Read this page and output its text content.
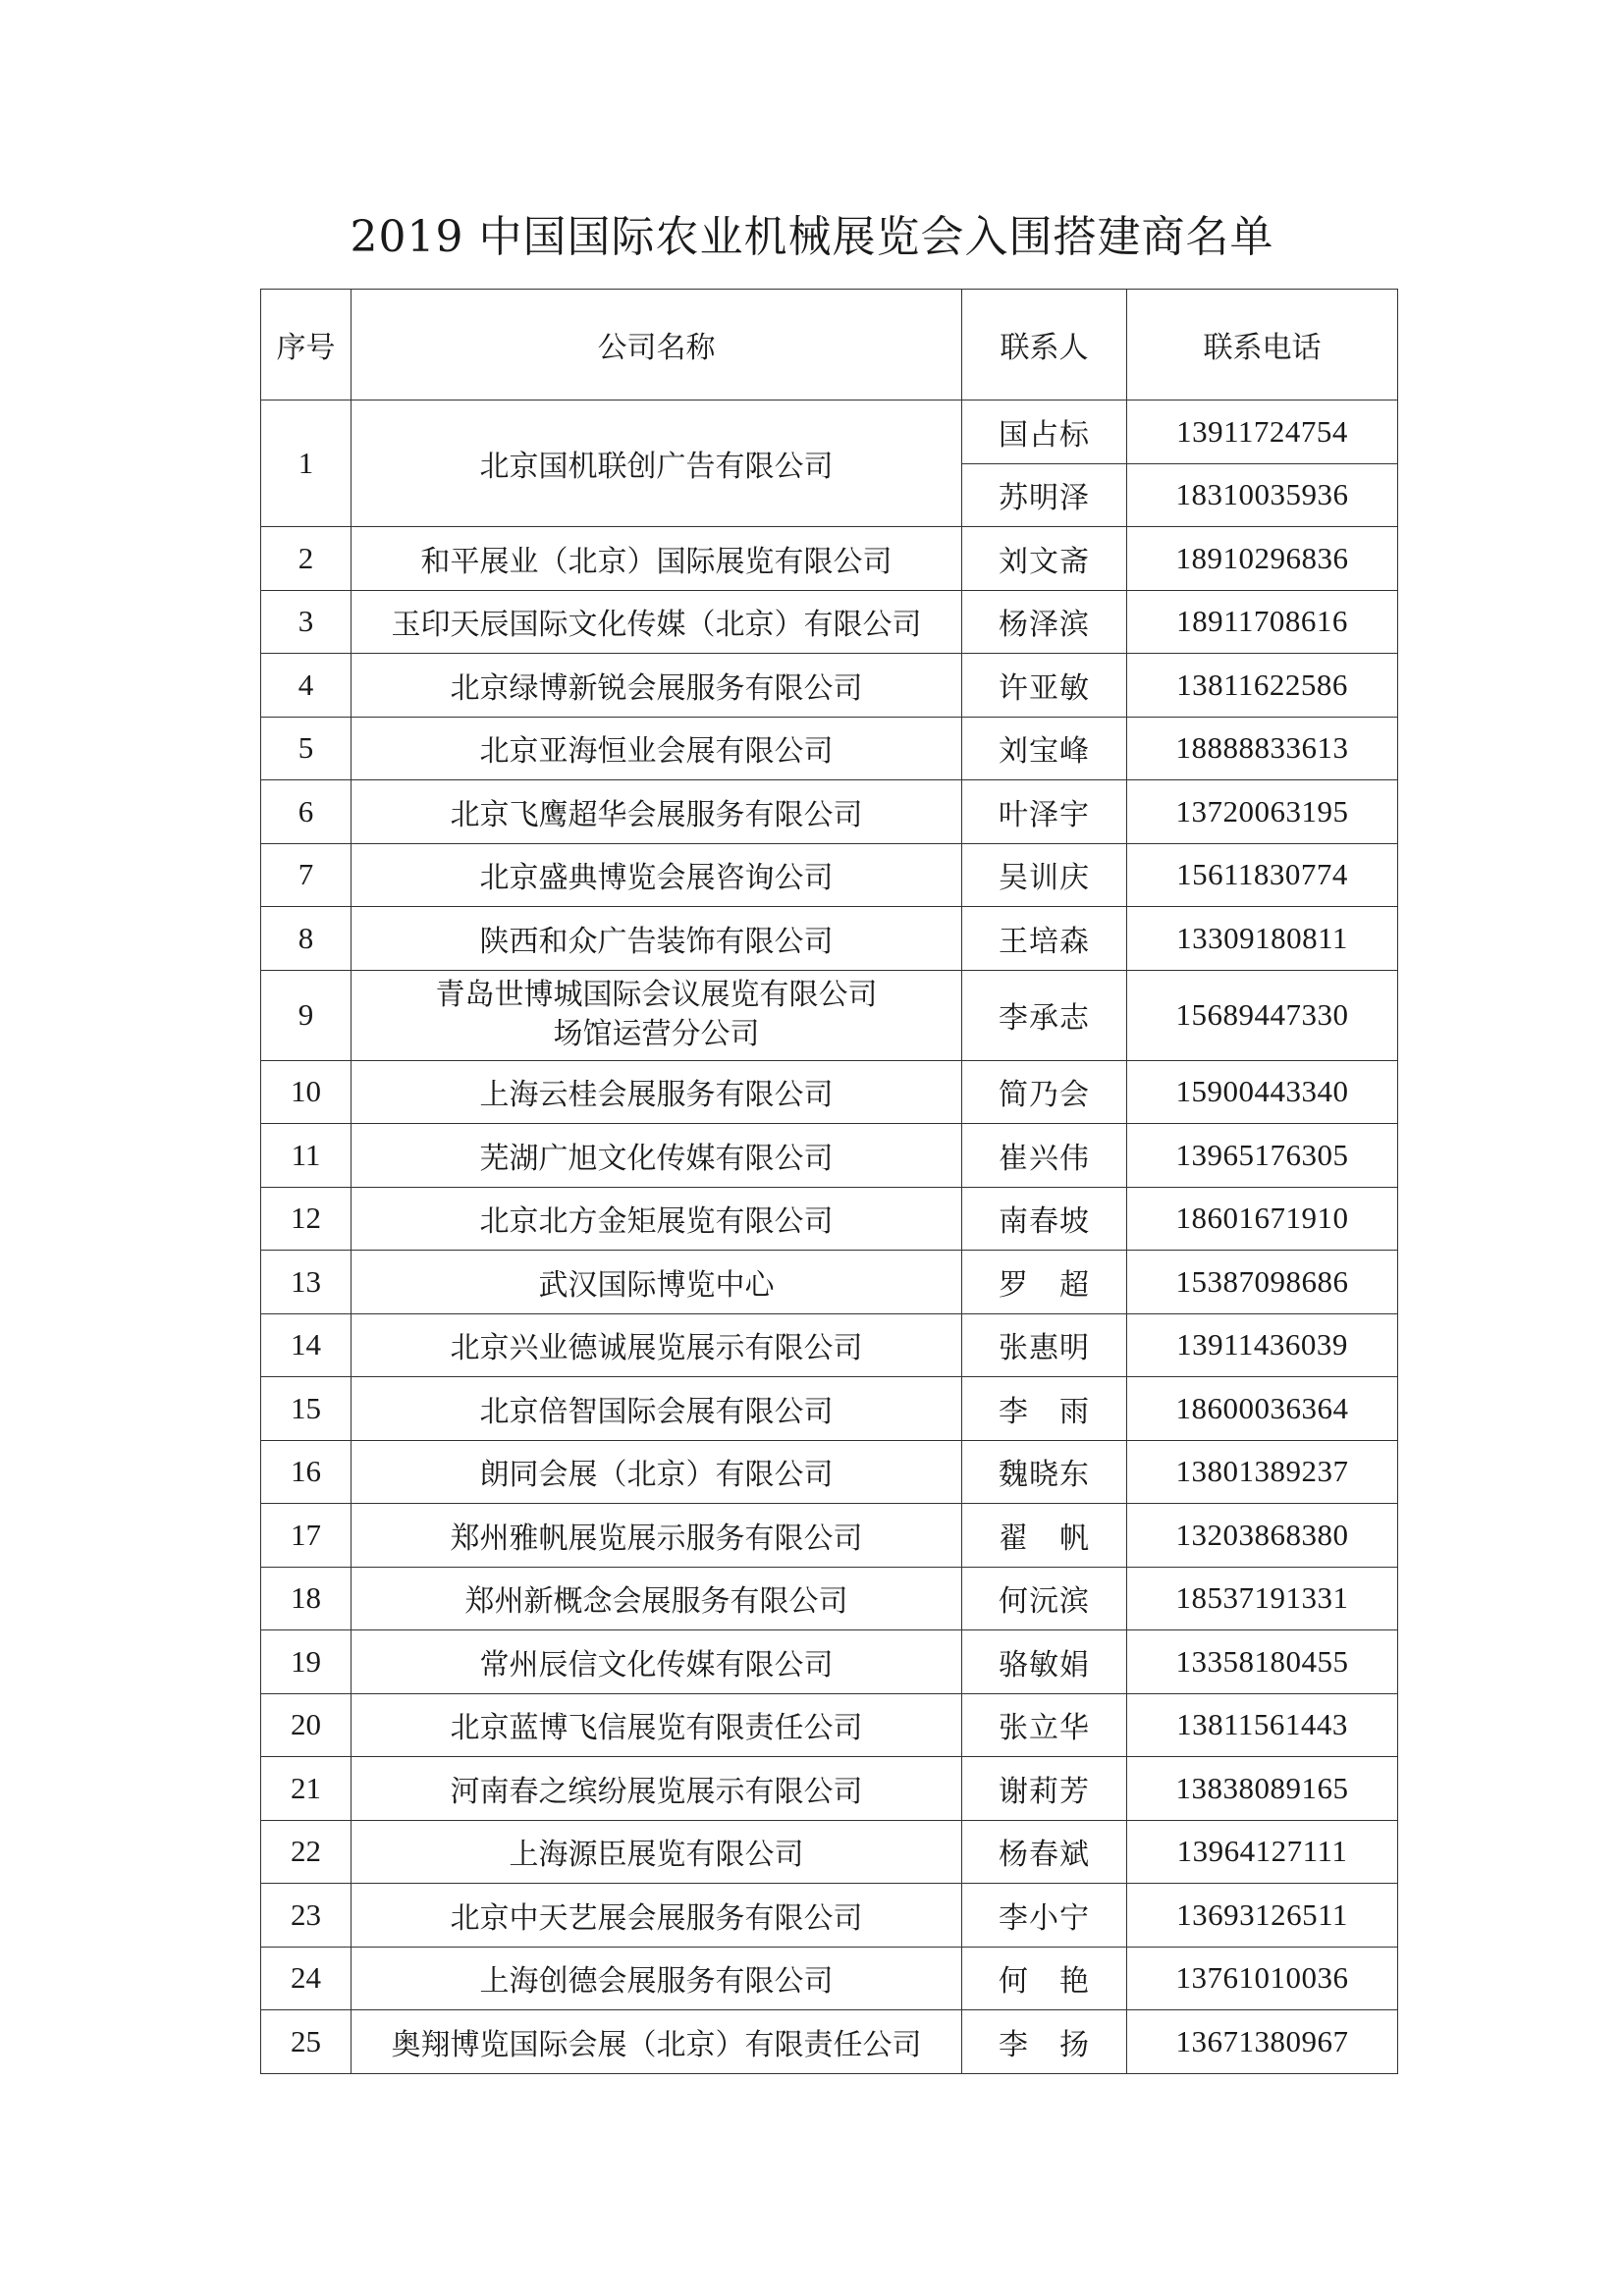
2019 中国国际农业机械展览会入围搭建商名单
序号	公司名称	联系人	联系电话
1	北京国机联创广告有限公司	国占标	13911724754
		苏明泽	18310035936
2	和平展业（北京）国际展览有限公司	刘文斋	18910296836
3	玉印天辰国际文化传媒（北京）有限公司	杨泽滨	18911708616
4	北京绿博新锐会展服务有限公司	许亚敏	13811622586
5	北京亚海恒业会展有限公司	刘宝峰	18888833613
6	北京飞鹰超华会展服务有限公司	叶泽宇	13720063195
7	北京盛典博览会展咨询公司	吴训庆	15611830774
8	陕西和众广告装饰有限公司	王培森	13309180811
9	青岛世博城国际会议展览有限公司
场馆运营分公司	李承志	15689447330
10	上海云桂会展服务有限公司	简乃会	15900443340
11	芜湖广旭文化传媒有限公司	崔兴伟	13965176305
12	北京北方金矩展览有限公司	南春坡	18601671910
13	武汉国际博览中心	罗　超	15387098686
14	北京兴业德诚展览展示有限公司	张惠明	13911436039
15	北京倍智国际会展有限公司	李　雨	18600036364
16	朗同会展（北京）有限公司	魏晓东	13801389237
17	郑州雅帆展览展示服务有限公司	翟　帆	13203868380
18	郑州新概念会展服务有限公司	何沅滨	18537191331
19	常州辰信文化传媒有限公司	骆敏娟	13358180455
20	北京蓝博飞信展览有限责任公司	张立华	13811561443
21	河南春之缤纷展览展示有限公司	谢莉芳	13838089165
22	上海源臣展览有限公司	杨春斌	13964127111
23	北京中天艺展会展服务有限公司	李小宁	13693126511
24	上海创德会展服务有限公司	何　艳	13761010036
25	奥翔博览国际会展（北京）有限责任公司	李　扬	13671380967
